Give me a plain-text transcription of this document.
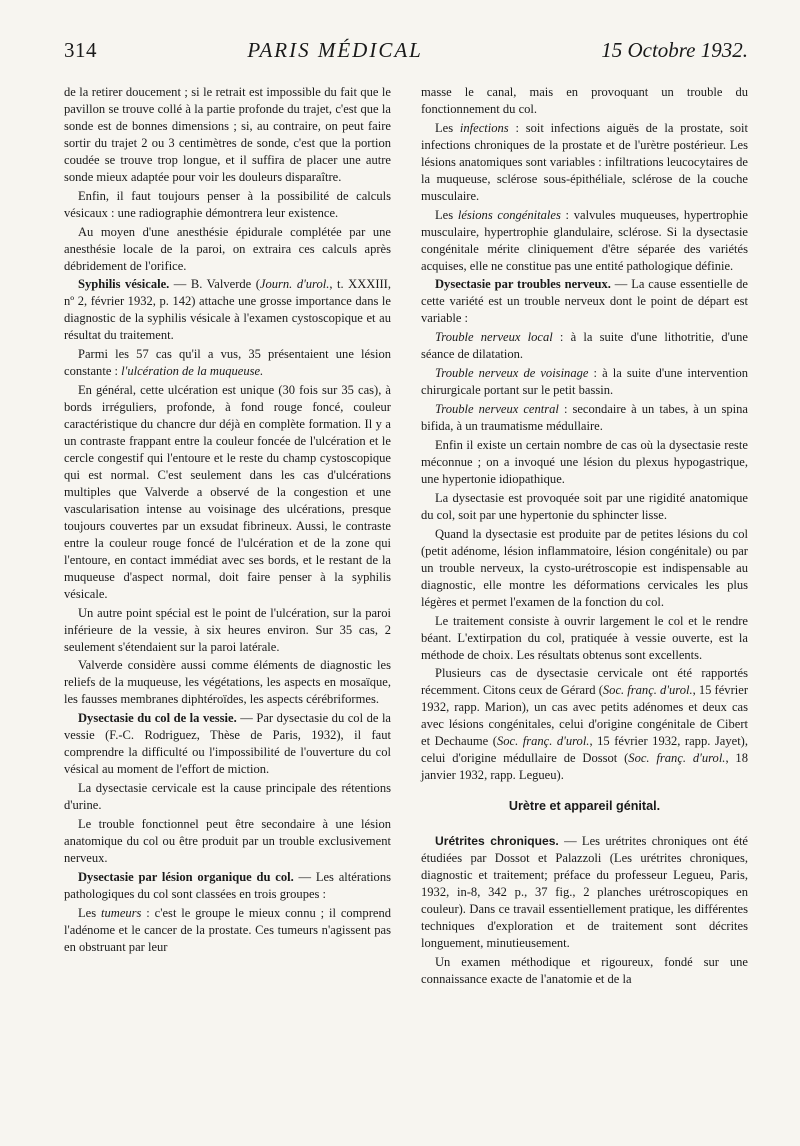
314	PARIS MÉDICAL	15 Octobre 1932.

de la retirer doucement ; si le retrait est impossible du fait que le pavillon se trouve collé à la partie profonde du trajet, c'est que la sonde est de bonnes dimensions ; si, au contraire, on peut faire sortir du trajet 2 ou 3 centimètres de sonde, c'est que la portion coudée se trouve trop longue, et il suffira de placer une autre sonde mieux adaptée pour voir les douleurs disparaître.

Enfin, il faut toujours penser à la possibilité de calculs vésicaux : une radiographie démontrera leur existence.

Au moyen d'une anesthésie épidurale complétée par une anesthésie locale de la paroi, on extraira ces calculs après débridement de l'orifice.

Syphilis vésicale. — B. Valverde (Journ. d'urol., t. XXXIII, nº 2, février 1932, p. 142) attache une grosse importance dans le diagnostic de la syphilis vésicale à l'examen cystoscopique et au résultat du traitement.

Parmi les 57 cas qu'il a vus, 35 présentaient une lésion constante : l'ulcération de la muqueuse.

En général, cette ulcération est unique (30 fois sur 35 cas), à bords irréguliers, profonde, à fond rouge foncé, couleur caractéristique du chancre dur déjà en complète formation. Il y a un contraste frappant entre la couleur foncée de l'ulcération et le cercle congestif qui l'entoure et le reste du champ cystoscopique qui est normal. C'est seulement dans les cas d'ulcérations multiples que Valverde a observé de la congestion et une vascularisation intense au voisinage des ulcérations, presque toujours couvertes par un exsudat fibrineux. Aussi, le contraste entre la couleur rouge foncé de l'ulcération et de la zone qui l'entoure, en contact immédiat avec ses bords, et le restant de la muqueuse d'aspect normal, doit faire penser à la syphilis vésicale.

Un autre point spécial est le point de l'ulcération, sur la paroi inférieure de la vessie, à six heures environ. Sur 35 cas, 2 seulement s'étendaient sur la paroi latérale.

Valverde considère aussi comme éléments de diagnostic les reliefs de la muqueuse, les végétations, les aspects en mosaïque, les fausses membranes diphtéroïdes, les aspects cérébriformes.

Dysectasie du col de la vessie. — Par dysectasie du col de la vessie (F.-C. Rodriguez, Thèse de Paris, 1932), il faut comprendre la difficulté ou l'impossibilité de l'ouverture du col vésical au moment de l'effort de miction.

La dysectasie cervicale est la cause principale des rétentions d'urine.

Le trouble fonctionnel peut être secondaire à une lésion anatomique du col ou être produit par un trouble exclusivement nerveux.

Dysectasie par lésion organique du col. — Les altérations pathologiques du col sont classées en trois groupes :

Les tumeurs : c'est le groupe le mieux connu ; il comprend l'adénome et le cancer de la prostate. Ces tumeurs n'agissent pas en obstruant par leur

masse le canal, mais en provoquant un trouble du fonctionnement du col.

Les infections : soit infections aiguës de la prostate, soit infections chroniques de la prostate et de l'urètre postérieur. Les lésions anatomiques sont variables : infiltrations leucocytaires de la muqueuse, sclérose sous-épithéliale, sclérose de la couche musculaire.

Les lésions congénitales : valvules muqueuses, hypertrophie musculaire, hypertrophie glandulaire, sclérose. Si la dysectasie congénitale mérite cliniquement d'être séparée des variétés acquises, elle ne constitue pas une entité pathologique définie.

Dysectasie par troubles nerveux. — La cause essentielle de cette variété est un trouble nerveux dont le point de départ est variable :

Trouble nerveux local : à la suite d'une lithotritie, d'une séance de dilatation.

Trouble nerveux de voisinage : à la suite d'une intervention chirurgicale portant sur le petit bassin.

Trouble nerveux central : secondaire à un tabes, à un spina bifida, à un traumatisme médullaire.

Enfin il existe un certain nombre de cas où la dysectasie reste méconnue ; on a invoqué une lésion du plexus hypogastrique, une hypertonie idiopathique.

La dysectasie est provoquée soit par une rigidité anatomique du col, soit par une hypertonie du sphincter lisse.

Quand la dysectasie est produite par de petites lésions du col (petit adénome, lésion inflammatoire, lésion congénitale) ou par un trouble nerveux, la cysto-urétroscopie est indispensable au diagnostic, elle montre les déformations cervicales les plus légères et permet l'examen de la fonction du col.

Le traitement consiste à ouvrir largement le col et le rendre béant. L'extirpation du col, pratiquée à vessie ouverte, est la méthode de choix. Les résultats obtenus sont excellents.

Plusieurs cas de dysectasie cervicale ont été rapportés récemment. Citons ceux de Gérard (Soc. franç. d'urol., 15 février 1932, rapp. Marion), un cas avec petits adénomes et deux cas avec lésions congénitales, celui d'origine congénitale de Cibert et Dechaume (Soc. franç. d'urol., 15 février 1932, rapp. Jayet), celui d'origine médullaire de Dossot (Soc. franç. d'urol., 18 janvier 1932, rapp. Legueu).

Urètre et appareil génital.

Urétrites chroniques. — Les urétrites chroniques ont été étudiées par Dossot et Palazzoli (Les urétrites chroniques, diagnostic et traitement; préface du professeur Legueu, Paris, 1932, in-8, 342 p., 37 fig., 2 planches urétroscopiques en couleur). Dans ce travail essentiellement pratique, les différentes techniques d'exploration et de traitement sont décrites longuement, minutieusement.

Un examen méthodique et rigoureux, fondé sur une connaissance exacte de l'anatomie et de la
